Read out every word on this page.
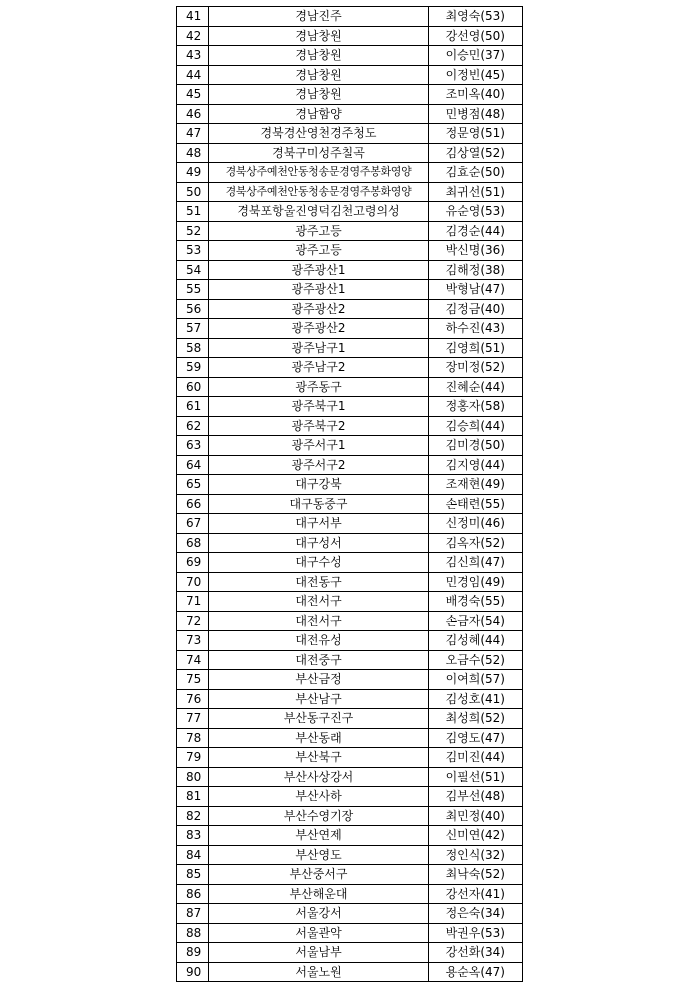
41	경남진주	최영숙(53)
42	경남창원	강선영(50)
43	경남창원	이승민(37)
44	경남창원	이정빈(45)
45	경남창원	조미옥(40)
46	경남함양	민병점(48)
47	경북경산영천경주청도	정문영(51)
48	경북구미성주칠곡	김상열(52)
49	경북상주예천안동청송문경영주봉화영양	김효순(50)
50	경북상주예천안동청송문경영주봉화영양	최귀선(51)
51	경북포항울진영덕김천고령의성	유순영(53)
52	광주고등	김경순(44)
53	광주고등	박신명(36)
54	광주광산1	김해정(38)
55	광주광산1	박형남(47)
56	광주광산2	김정금(40)
57	광주광산2	하수진(43)
58	광주남구1	김영희(51)
59	광주남구2	장미정(52)
60	광주동구	진혜순(44)
61	광주북구1	정홍자(58)
62	광주북구2	김승희(44)
63	광주서구1	김미경(50)
64	광주서구2	김지영(44)
65	대구강북	조재현(49)
66	대구동중구	손태련(55)
67	대구서부	신정미(46)
68	대구성서	김옥자(52)
69	대구수성	김신희(47)
70	대전동구	민경임(49)
71	대전서구	배경숙(55)
72	대전서구	손금자(54)
73	대전유성	김성혜(44)
74	대전중구	오금수(52)
75	부산금정	이여희(57)
76	부산남구	김성호(41)
77	부산동구진구	최성희(52)
78	부산동래	김영도(47)
79	부산북구	김미진(44)
80	부산사상강서	이필선(51)
81	부산사하	김부선(48)
82	부산수영기장	최민정(40)
83	부산연제	신미연(42)
84	부산영도	정인식(32)
85	부산중서구	최낙숙(52)
86	부산해운대	강선자(41)
87	서울강서	정은숙(34)
88	서울관악	박권우(53)
89	서울남부	강선화(34)
90	서울노원	용순옥(47)
